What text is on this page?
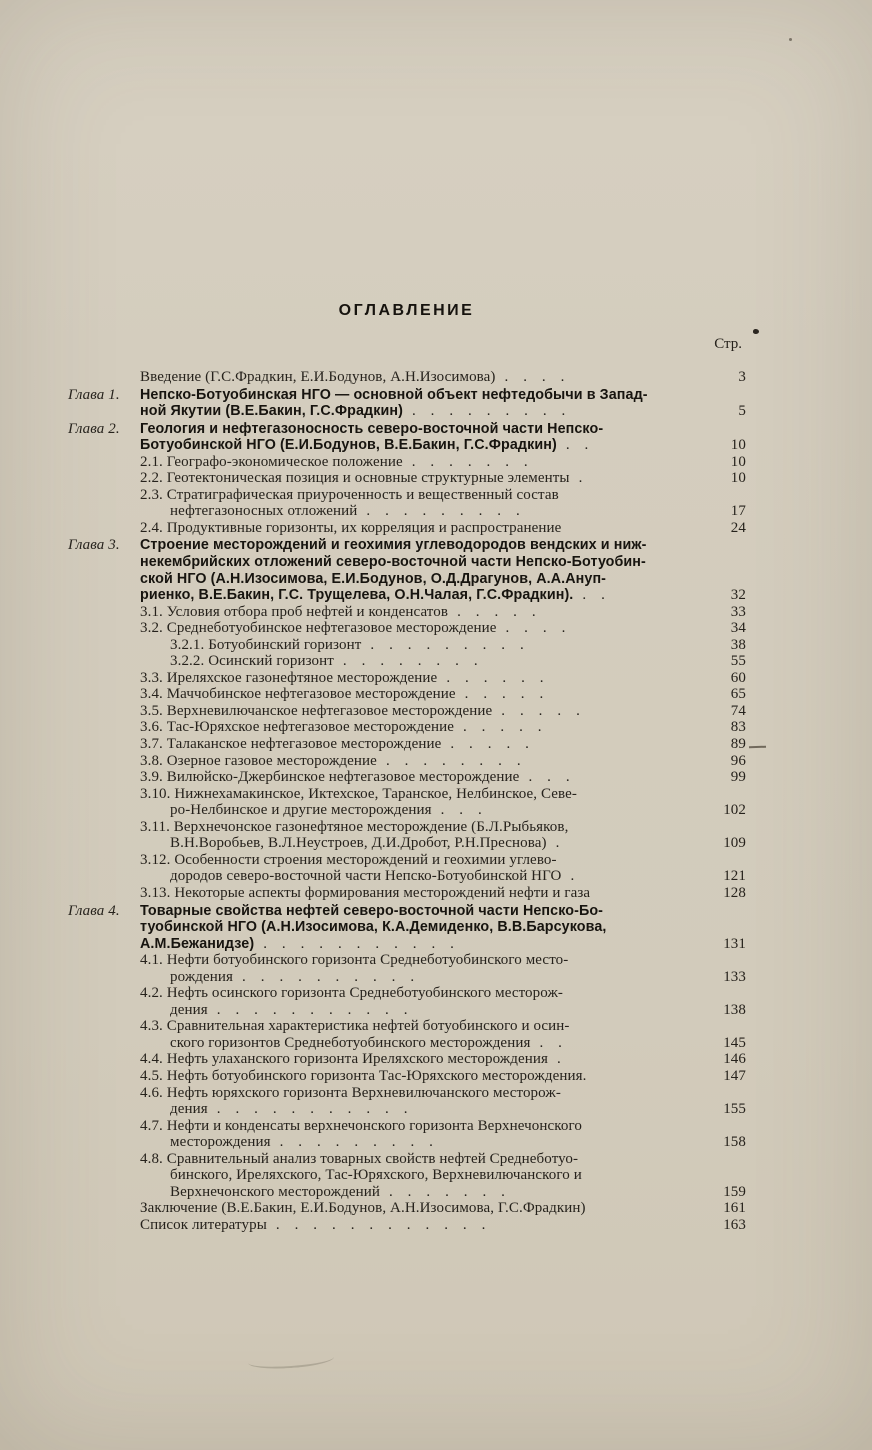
ОГЛАВЛЕНИЕ
Стр.
Введение (Г.С.Фрадкин, Е.И.Бодунов, А.Н.Изосимова) . . . .	3
Глава 1. Непско-Ботуобинская НГО — основной объект нефтедобычи в Запад-
ной Якутии (В.Е.Бакин, Г.С.Фрадкин) . . . . . . . . .	5
Глава 2. Геология и нефтегазоносность северо-восточной части Непско-
Ботуобинской НГО (Е.И.Бодунов, В.Е.Бакин, Г.С.Фрадкин) . .	10
2.1. Географо-экономическое положение . . . . . . .	10
2.2. Геотектоническая позиция и основные структурные элементы .	10
2.3. Стратиграфическая приуроченность и вещественный состав
нефтегазоносных отложений . . . . . . . . .	17
2.4. Продуктивные горизонты, их корреляция и распространение	24
Глава 3. Строение месторождений и геохимия углеводородов вендских и ниж-
некембрийских отложений северо-восточной части Непско-Ботуобин-
ской НГО (А.Н.Изосимова, Е.И.Бодунов, О.Д.Драгунов, А.А.Ануп-
риенко, В.Е.Бакин, Г.С. Трущелева, О.Н.Чалая, Г.С.Фрадкин). . .	32
3.1. Условия отбора проб нефтей и конденсатов . . . . .	33
3.2. Среднеботуобинское нефтегазовое месторождение . . . .	34
3.2.1. Ботуобинский горизонт . . . . . . . . .	38
3.2.2. Осинский горизонт . . . . . . . .	55
3.3. Иреляхское газонефтяное месторождение . . . . . .	60
3.4. Маччобинское нефтегазовое месторождение . . . . .	65
3.5. Верхневилючанское нефтегазовое месторождение . . . . .	74
3.6. Тас-Юряхское нефтегазовое месторождение . . . . .	83
3.7. Талаканское нефтегазовое месторождение . . . . .	89
3.8. Озерное газовое месторождение . . . . . . . .	96
3.9. Вилюйско-Джербинское нефтегазовое месторождение . . .	99
3.10. Нижнехамакинское, Иктехское, Таранское, Нелбинское, Севе-
ро-Нелбинское и другие месторождения . . .	102
3.11. Верхнечонское газонефтяное месторождение (Б.Л.Рыбьяков,
В.Н.Воробьев, В.Л.Неустроев, Д.И.Дробот, Р.Н.Преснова) .	109
3.12. Особенности строения месторождений и геохимии углево-
дородов северо-восточной части Непско-Ботуобинской НГО .	121
3.13. Некоторые аспекты формирования месторождений нефти и газа	128
Глава 4. Товарные свойства нефтей северо-восточной части Непско-Бо-
туобинской НГО (А.Н.Изосимова, К.А.Демиденко, В.В.Барсукова,
А.М.Бежанидзе) . . . . . . . . . . .	131
4.1. Нефти ботуобинского горизонта Среднеботуобинского место-
рождения . . . . . . . . . .	133
4.2. Нефть осинского горизонта Среднеботуобинского месторож-
дения . . . . . . . . . . .	138
4.3. Сравнительная характеристика нефтей ботуобинского и осин-
ского горизонтов Среднеботуобинского месторождения . .	145
4.4. Нефть улаханского горизонта Иреляхского месторождения .	146
4.5. Нефть ботуобинского горизонта Тас-Юряхского месторождения.	147
4.6. Нефть юряхского горизонта Верхневилючанского месторож-
дения . . . . . . . . . . .	155
4.7. Нефти и конденсаты верхнечонского горизонта Верхнечонского
месторождения . . . . . . . . .	158
4.8. Сравнительный анализ товарных свойств нефтей Среднеботуо-
бинского, Иреляхского, Тас-Юряхского, Верхневилючанского и
Верхнечонского месторождений . . . . . . .	159
Заключение (В.Е.Бакин, Е.И.Бодунов, А.Н.Изосимова, Г.С.Фрадкин)	161
Список литературы . . . . . . . . . . . .	163
